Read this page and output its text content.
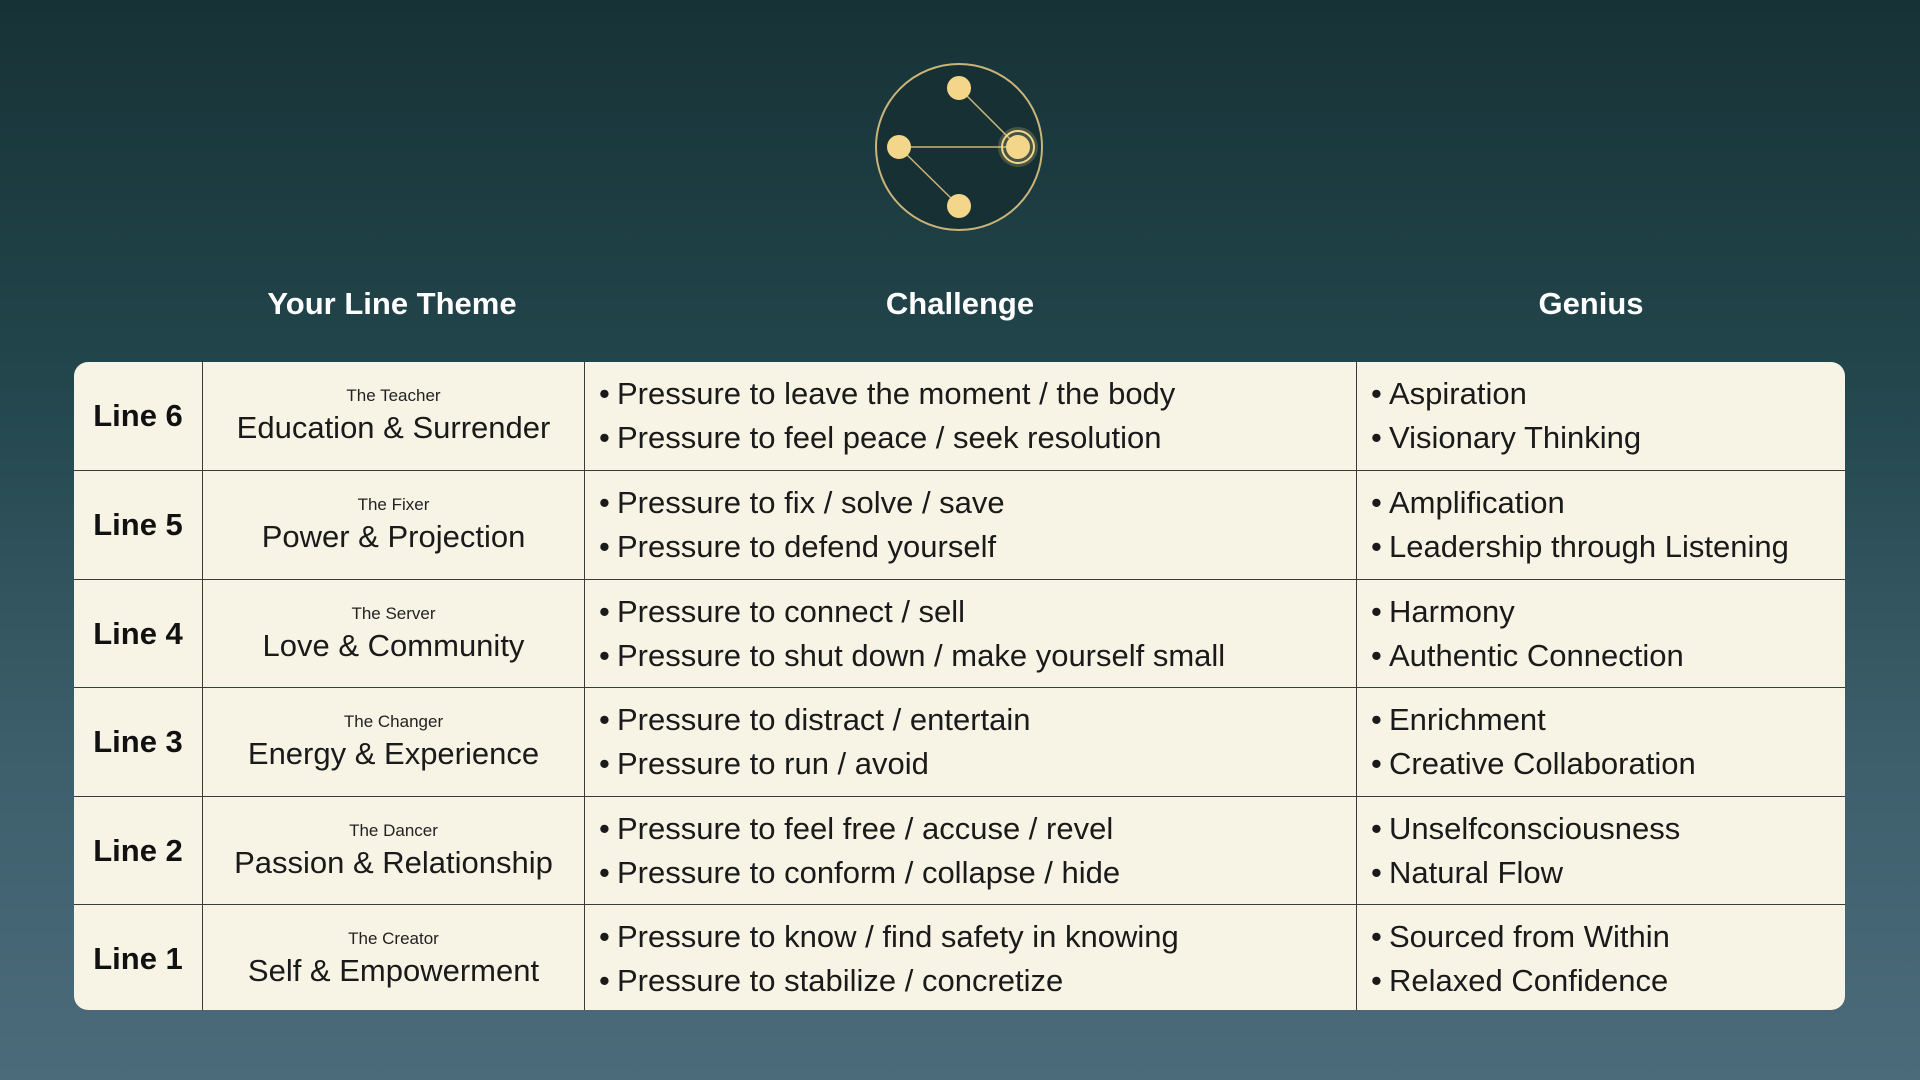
Your Line Theme	Challenge	Genius
Line 6
The Teacher
Education & Surrender
• Pressure to leave the moment / the body
• Pressure to feel peace / seek resolution
• Aspiration
• Visionary Thinking
Line 5
The Fixer
Power & Projection
• Pressure to fix / solve / save
• Pressure to defend yourself
• Amplification
• Leadership through Listening
Line 4
The Server
Love & Community
• Pressure to connect / sell
• Pressure to shut down / make yourself small
• Harmony
• Authentic Connection
Line 3
The Changer
Energy & Experience
• Pressure to distract / entertain
• Pressure to run / avoid
• Enrichment
• Creative Collaboration
Line 2
The Dancer
Passion & Relationship
• Pressure to feel free / accuse / revel
• Pressure to conform / collapse / hide
• Unselfconsciousness
• Natural Flow
Line 1
The Creator
Self & Empowerment
• Pressure to know / find safety in knowing
• Pressure to stabilize / concretize
• Sourced from Within
• Relaxed Confidence
